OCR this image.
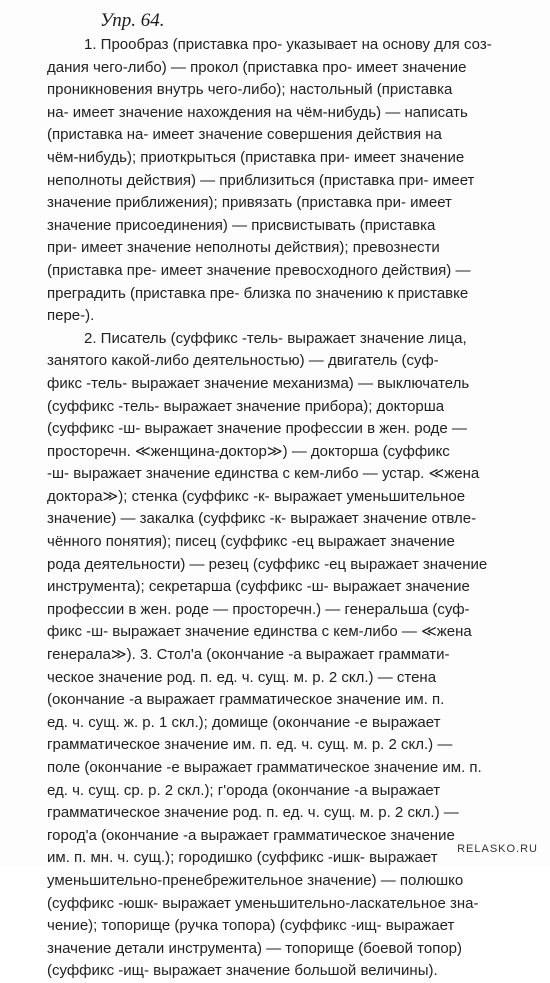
Упр. 64.
1. Прообраз (приставка про- указывает на основу для соз-
дания чего-либо) — прокол (приставка про- имеет значение
проникновения внутрь чего-либо); настольный (приставка
на- имеет значение нахождения на чём-нибудь) — написать
(приставка на- имеет значение совершения действия на
чём-нибудь); приоткрыться (приставка при- имеет значение
неполноты действия) — приблизиться (приставка при- имеет
значение приближения); привязать (приставка при- имеет
значение присоединения) — присвистывать (приставка
при- имеет значение неполноты действия); превознести
(приставка пре- имеет значение превосходного действия) —
преградить (приставка пре- близка по значению к приставке
пере-).
2. Писатель (суффикс -тель- выражает значение лица,
занятого какой-либо деятельностью) — двигатель (суф-
фикс -тель- выражает значение механизма) — выключатель
(суффикс -тель- выражает значение прибора); докторша
(суффикс -ш- выражает значение профессии в жен. роде —
просторечн. ≪женщина-доктор≫) — докторша (суффикс
-ш- выражает значение единства с кем-либо — устар. ≪жена
доктора≫); стенка (суффикс -к- выражает уменьшительное
значение) — закалка (суффикс -к- выражает значение отвле-
чённого понятия); писец (суффикс -ец выражает значение
рода деятельности) — резец (суффикс -ец выражает значение
инструмента); секретарша (суффикс -ш- выражает значение
профессии в жен. роде — просторечн.) — генеральша (суф-
фикс -ш- выражает значение единства с кем-либо — ≪жена
генерала≫). 3. Стол'а (окончание -а выражает граммати-
ческое значение род. п. ед. ч. сущ. м. р. 2 скл.) — стена
(окончание -а выражает грамматическое значение им. п.
ед. ч. сущ. ж. р. 1 скл.); домище (окончание -е выражает
грамматическое значение им. п. ед. ч. сущ. м. р. 2 скл.) —
поле (окончание -е выражает грамматическое значение им. п.
ед. ч. сущ. ср. р. 2 скл.); г'орода (окончание -а выражает
грамматическое значение род. п. ед. ч. сущ. м. р. 2 скл.) —
город'а (окончание -а выражает грамматическое значение
им. п. мн. ч. сущ.); городишко (суффикс -ишк- выражает
уменьшительно-пренебрежительное значение) — полюшко
(суффикс -юшк- выражает уменьшительно-ласкательное зна-
чение); топорище (ручка топора) (суффикс -ищ- выражает
значение детали инструмента) — топорище (боевой топор)
(суффикс -ищ- выражает значение большой величины).
RELASKO.RU
